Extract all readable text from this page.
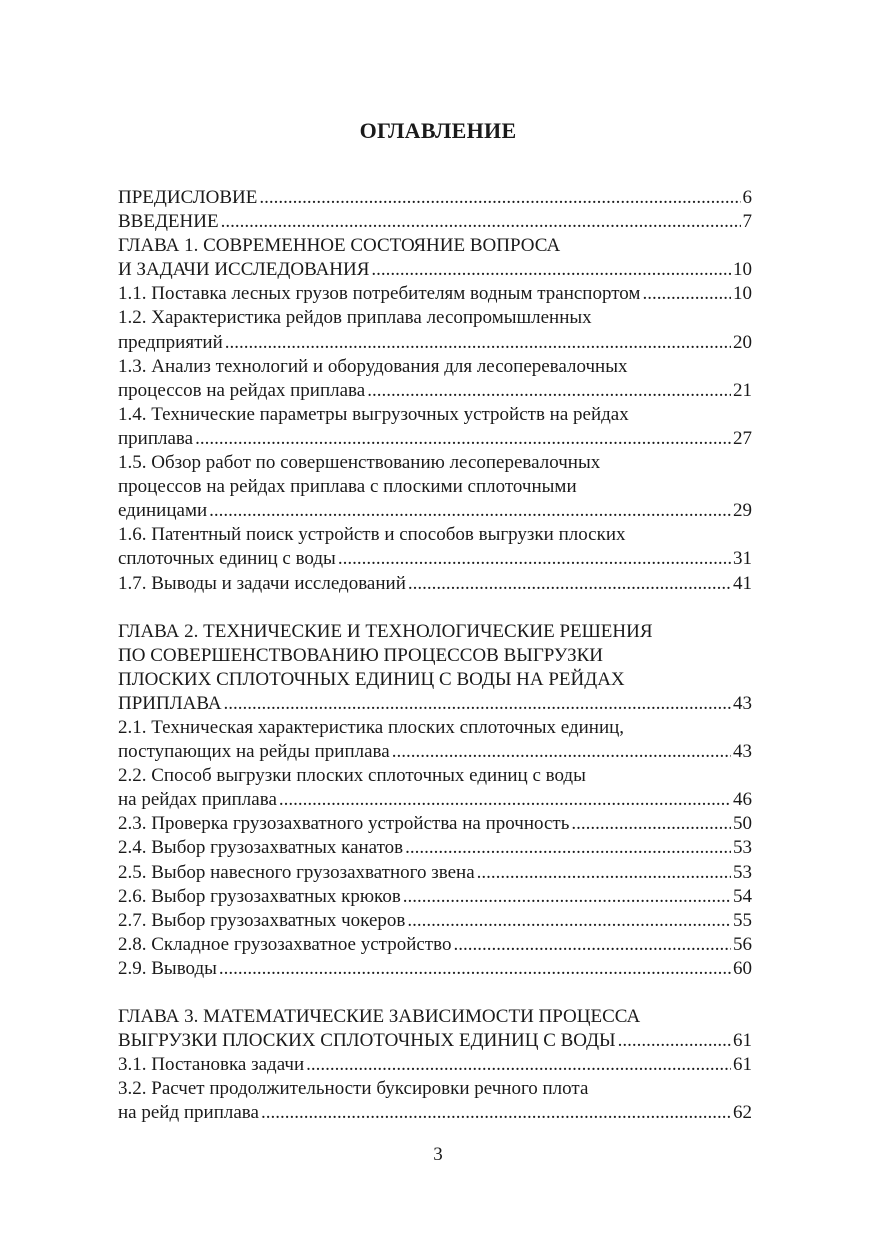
ОГЛАВЛЕНИЕ
ПРЕДИСЛОВИЕ .....	6
ВВЕДЕНИЕ .....	7
ГЛАВА 1. СОВРЕМЕННОЕ СОСТОЯНИЕ ВОПРОСА
И ЗАДАЧИ ИССЛЕДОВАНИЯ .....	10
1.1. Поставка лесных грузов потребителям водным транспортом .....	10
1.2. Характеристика рейдов приплава лесопромышленных
предприятий .....	20
1.3. Анализ технологий и оборудования для лесоперевалочных
процессов на рейдах приплава .....	21
1.4. Технические параметры выгрузочных устройств на рейдах
приплава .....	27
1.5. Обзор работ по совершенствованию лесоперевалочных
процессов на рейдах приплава с плоскими сплоточными
единицами .....	29
1.6. Патентный поиск устройств и способов выгрузки плоских
сплоточных единиц с воды .....	31
1.7. Выводы и задачи исследований .....	41
ГЛАВА 2. ТЕХНИЧЕСКИЕ И ТЕХНОЛОГИЧЕСКИЕ РЕШЕНИЯ
ПО СОВЕРШЕНСТВОВАНИЮ ПРОЦЕССОВ ВЫГРУЗКИ
ПЛОСКИХ СПЛОТОЧНЫХ ЕДИНИЦ С ВОДЫ НА РЕЙДАХ
ПРИПЛАВА .....	43
2.1. Техническая характеристика плоских сплоточных единиц,
поступающих на рейды приплава .....	43
2.2. Способ выгрузки плоских сплоточных единиц с воды
на рейдах приплава .....	46
2.3. Проверка грузозахватного устройства на прочность .....	50
2.4. Выбор грузозахватных канатов .....	53
2.5. Выбор навесного грузозахватного звена .....	53
2.6. Выбор грузозахватных крюков .....	54
2.7. Выбор грузозахватных чокеров .....	55
2.8. Складное грузозахватное устройство .....	56
2.9. Выводы .....	60
ГЛАВА 3. МАТЕМАТИЧЕСКИЕ ЗАВИСИМОСТИ ПРОЦЕССА
ВЫГРУЗКИ ПЛОСКИХ СПЛОТОЧНЫХ ЕДИНИЦ С ВОДЫ .....	61
3.1. Постановка задачи .....	61
3.2. Расчет продолжительности буксировки речного плота
на рейд приплава .....	62
3
